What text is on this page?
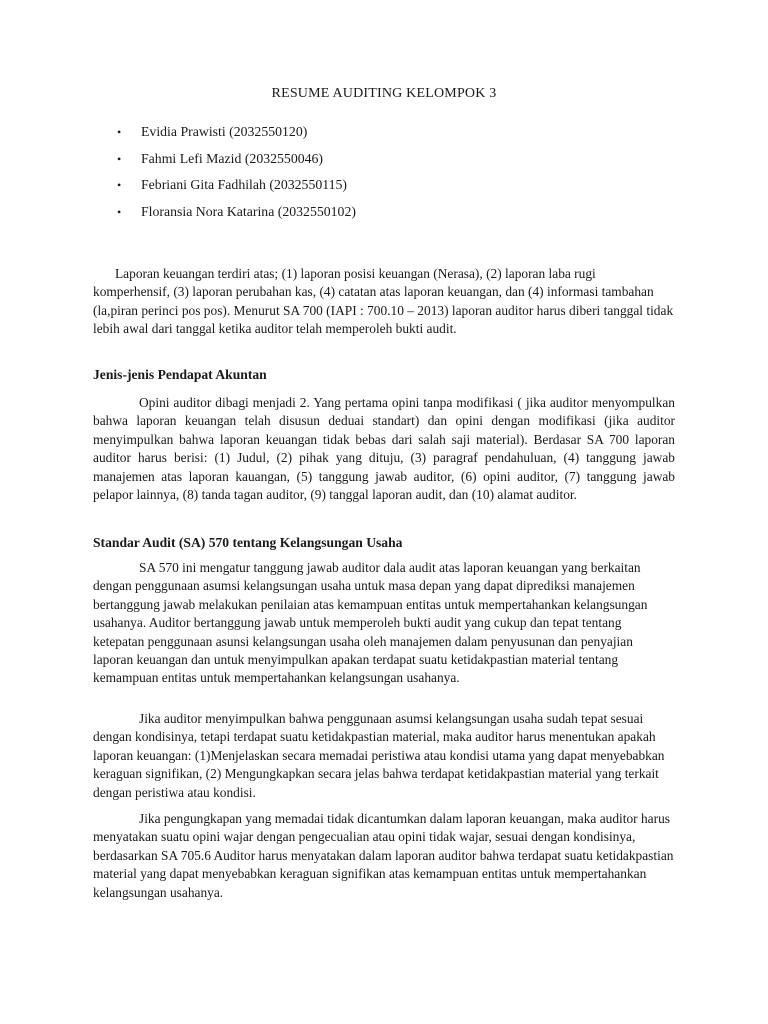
RESUME AUDITING KELOMPOK 3
• Evidia Prawisti (2032550120)
• Fahmi Lefi Mazid (2032550046)
• Febriani Gita Fadhilah (2032550115)
• Floransia Nora Katarina (2032550102)
Laporan keuangan terdiri atas; (1) laporan posisi keuangan (Nerasa), (2) laporan laba rugi komperhensif, (3) laporan perubahan kas, (4) catatan atas laporan keuangan, dan (4) informasi tambahan (la,piran perinci pos pos). Menurut SA 700 (IAPI : 700.10 – 2013) laporan auditor harus diberi tanggal tidak lebih awal dari tanggal ketika auditor telah memperoleh bukti audit.
Jenis-jenis Pendapat Akuntan
Opini auditor dibagi menjadi 2. Yang pertama opini tanpa modifikasi ( jika auditor menyompulkan bahwa laporan keuangan telah disusun deduai standart) dan opini dengan modifikasi (jika auditor menyimpulkan bahwa laporan keuangan tidak bebas dari salah saji material). Berdasar SA 700 laporan auditor harus berisi: (1) Judul, (2) pihak yang dituju, (3) paragraf pendahuluan, (4) tanggung jawab manajemen atas laporan kauangan, (5) tanggung jawab auditor, (6) opini auditor, (7) tanggung jawab pelapor lainnya, (8) tanda tagan auditor, (9) tanggal laporan audit, dan (10) alamat auditor.
Standar Audit (SA) 570 tentang Kelangsungan Usaha
SA 570 ini mengatur tanggung jawab auditor dala audit atas laporan keuangan yang berkaitan dengan penggunaan asumsi kelangsungan usaha untuk masa depan yang dapat diprediksi manajemen bertanggung jawab melakukan penilaian atas kemampuan entitas untuk mempertahankan kelangsungan usahanya. Auditor bertanggung jawab untuk memperoleh bukti audit yang cukup dan tepat tentang ketepatan penggunaan asunsi kelangsungan usaha oleh manajemen dalam penyusunan dan penyajian laporan keuangan dan untuk menyimpulkan apakan terdapat suatu ketidakpastian material tentang kemampuan entitas untuk mempertahankan kelangsungan usahanya.
Jika auditor menyimpulkan bahwa penggunaan asumsi kelangsungan usaha sudah tepat sesuai dengan kondisinya, tetapi terdapat suatu ketidakpastian material, maka auditor harus menentukan apakah laporan keuangan: (1)Menjelaskan secara memadai peristiwa atau kondisi utama yang dapat menyebabkan keraguan signifikan, (2) Mengungkapkan secara jelas bahwa terdapat ketidakpastian material yang terkait dengan peristiwa atau kondisi.
Jika pengungkapan yang memadai tidak dicantumkan dalam laporan keuangan, maka auditor harus menyatakan suatu opini wajar dengan pengecualian atau opini tidak wajar, sesuai dengan kondisinya, berdasarkan SA 705.6 Auditor harus menyatakan dalam laporan auditor bahwa terdapat suatu ketidakpastian material yang dapat menyebabkan keraguan signifikan atas kemampuan entitas untuk mempertahankan kelangsungan usahanya.
